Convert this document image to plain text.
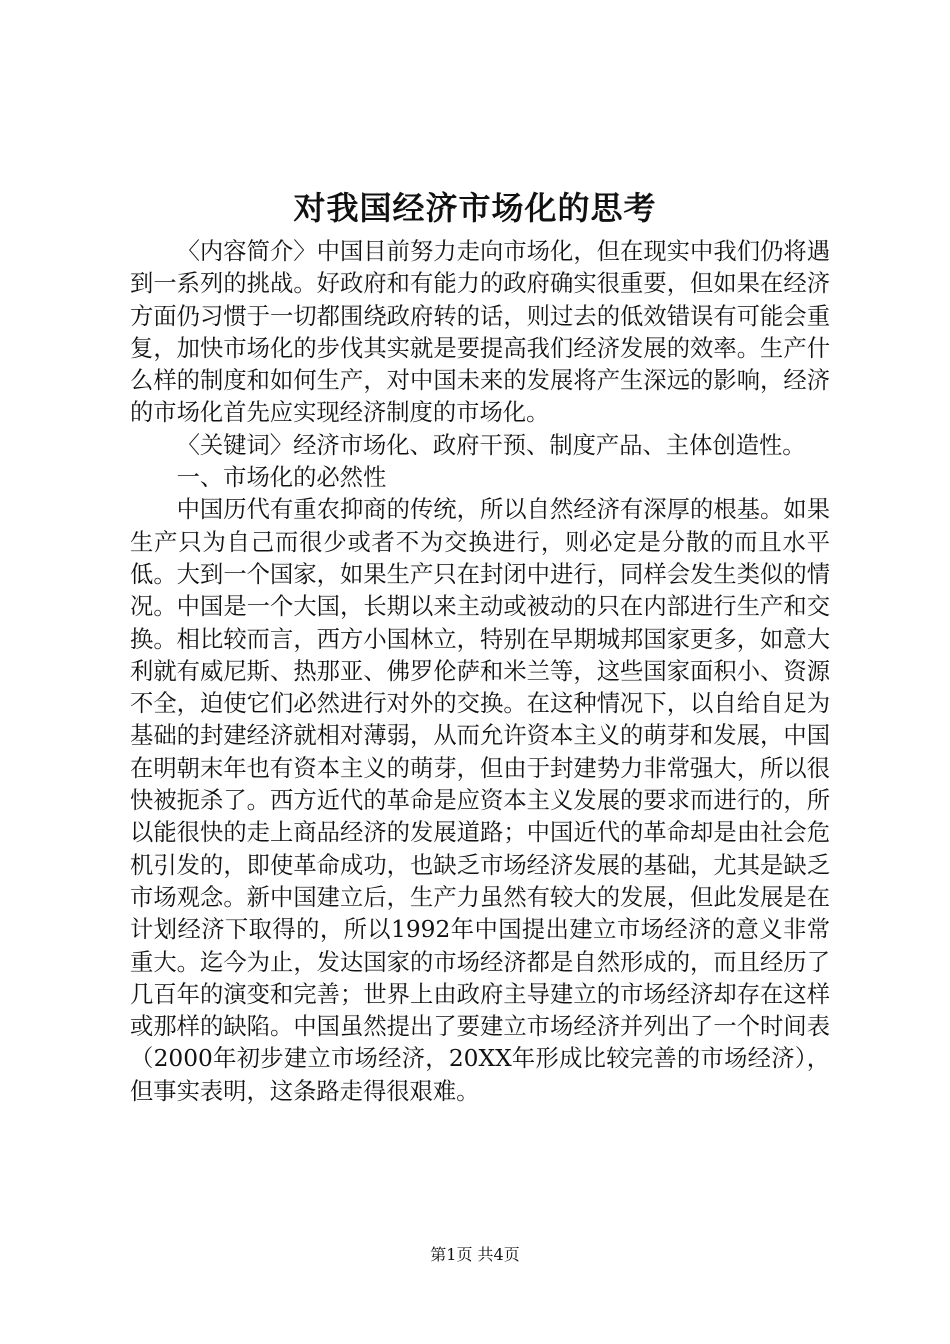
对我国经济市场化的思考

〈内容简介〉中国目前努力走向市场化，但在现实中我们仍将遇到一系列的挑战。好政府和有能力的政府确实很重要，但如果在经济方面仍习惯于一切都围绕政府转的话，则过去的低效错误有可能会重复，加快市场化的步伐其实就是要提高我们经济发展的效率。生产什么样的制度和如何生产，对中国未来的发展将产生深远的影响，经济的市场化首先应实现经济制度的市场化。

〈关键词〉经济市场化、政府干预、制度产品、主体创造性。

一、市场化的必然性

中国历代有重农抑商的传统，所以自然经济有深厚的根基。如果生产只为自己而很少或者不为交换进行，则必定是分散的而且水平低。大到一个国家，如果生产只在封闭中进行，同样会发生类似的情况。中国是一个大国，长期以来主动或被动的只在内部进行生产和交换。相比较而言，西方小国林立，特别在早期城邦国家更多，如意大利就有威尼斯、热那亚、佛罗伦萨和米兰等，这些国家面积小、资源不全，迫使它们必然进行对外的交换。在这种情况下，以自给自足为基础的封建经济就相对薄弱，从而允许资本主义的萌芽和发展，中国在明朝末年也有资本主义的萌芽，但由于封建势力非常强大，所以很快被扼杀了。西方近代的革命是应资本主义发展的要求而进行的，所以能很快的走上商品经济的发展道路；中国近代的革命却是由社会危机引发的，即使革命成功，也缺乏市场经济发展的基础，尤其是缺乏市场观念。新中国建立后，生产力虽然有较大的发展，但此发展是在计划经济下取得的，所以1992年中国提出建立市场经济的意义非常重大。迄今为止，发达国家的市场经济都是自然形成的，而且经历了几百年的演变和完善；世界上由政府主导建立的市场经济却存在这样或那样的缺陷。中国虽然提出了要建立市场经济并列出了一个时间表（2000年初步建立市场经济，20XX年形成比较完善的市场经济），但事实表明，这条路走得很艰难。

第1页 共4页
